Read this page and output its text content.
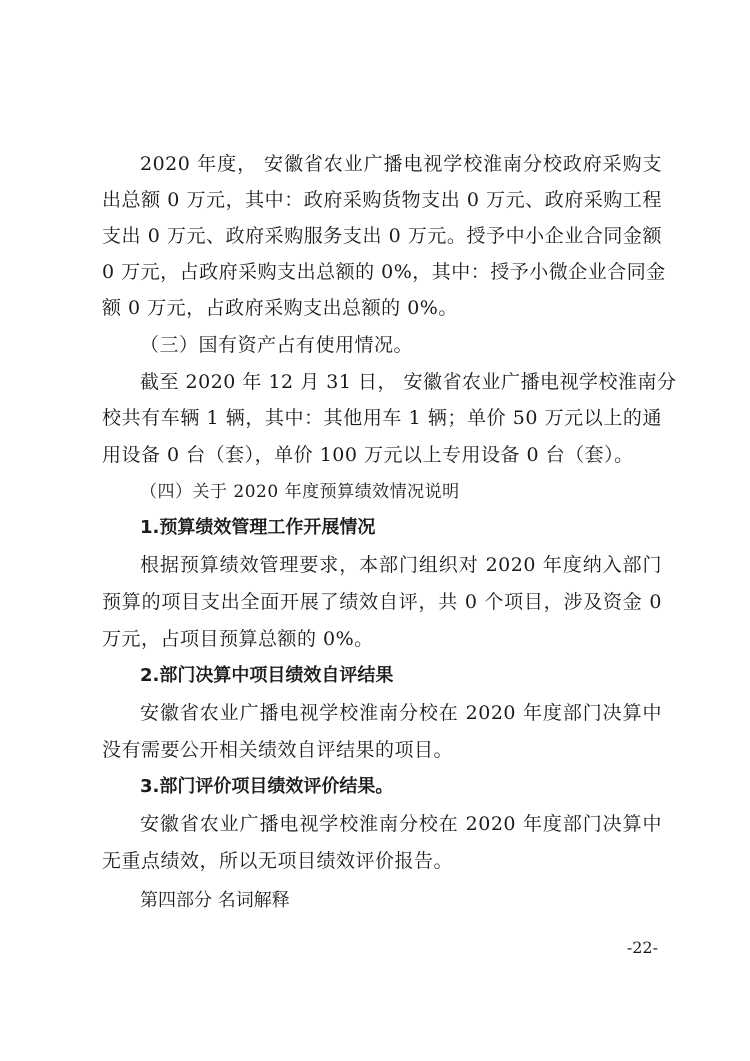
2020 年度， 安徽省农业广播电视学校淮南分校政府采购支
出总额 0 万元，其中：政府采购货物支出 0 万元、政府采购工程
支出 0 万元、政府采购服务支出 0 万元。授予中小企业合同金额
0 万元，占政府采购支出总额的 0%，其中：授予小微企业合同金
额 0 万元，占政府采购支出总额的 0%。
（三）国有资产占有使用情况。
截至 2020 年 12 月 31 日， 安徽省农业广播电视学校淮南分
校共有车辆 1 辆，其中：其他用车 1 辆；单价 50 万元以上的通
用设备 0 台（套），单价 100 万元以上专用设备 0 台（套）。
（四）关于 2020 年度预算绩效情况说明
1.预算绩效管理工作开展情况
根据预算绩效管理要求，本部门组织对 2020 年度纳入部门
预算的项目支出全面开展了绩效自评，共 0 个项目，涉及资金 0
万元，占项目预算总额的 0%。
2.部门决算中项目绩效自评结果
安徽省农业广播电视学校淮南分校在 2020 年度部门决算中
没有需要公开相关绩效自评结果的项目。
3.部门评价项目绩效评价结果。
安徽省农业广播电视学校淮南分校在 2020 年度部门决算中
无重点绩效，所以无项目绩效评价报告。
第四部分 名词解释
-22-
